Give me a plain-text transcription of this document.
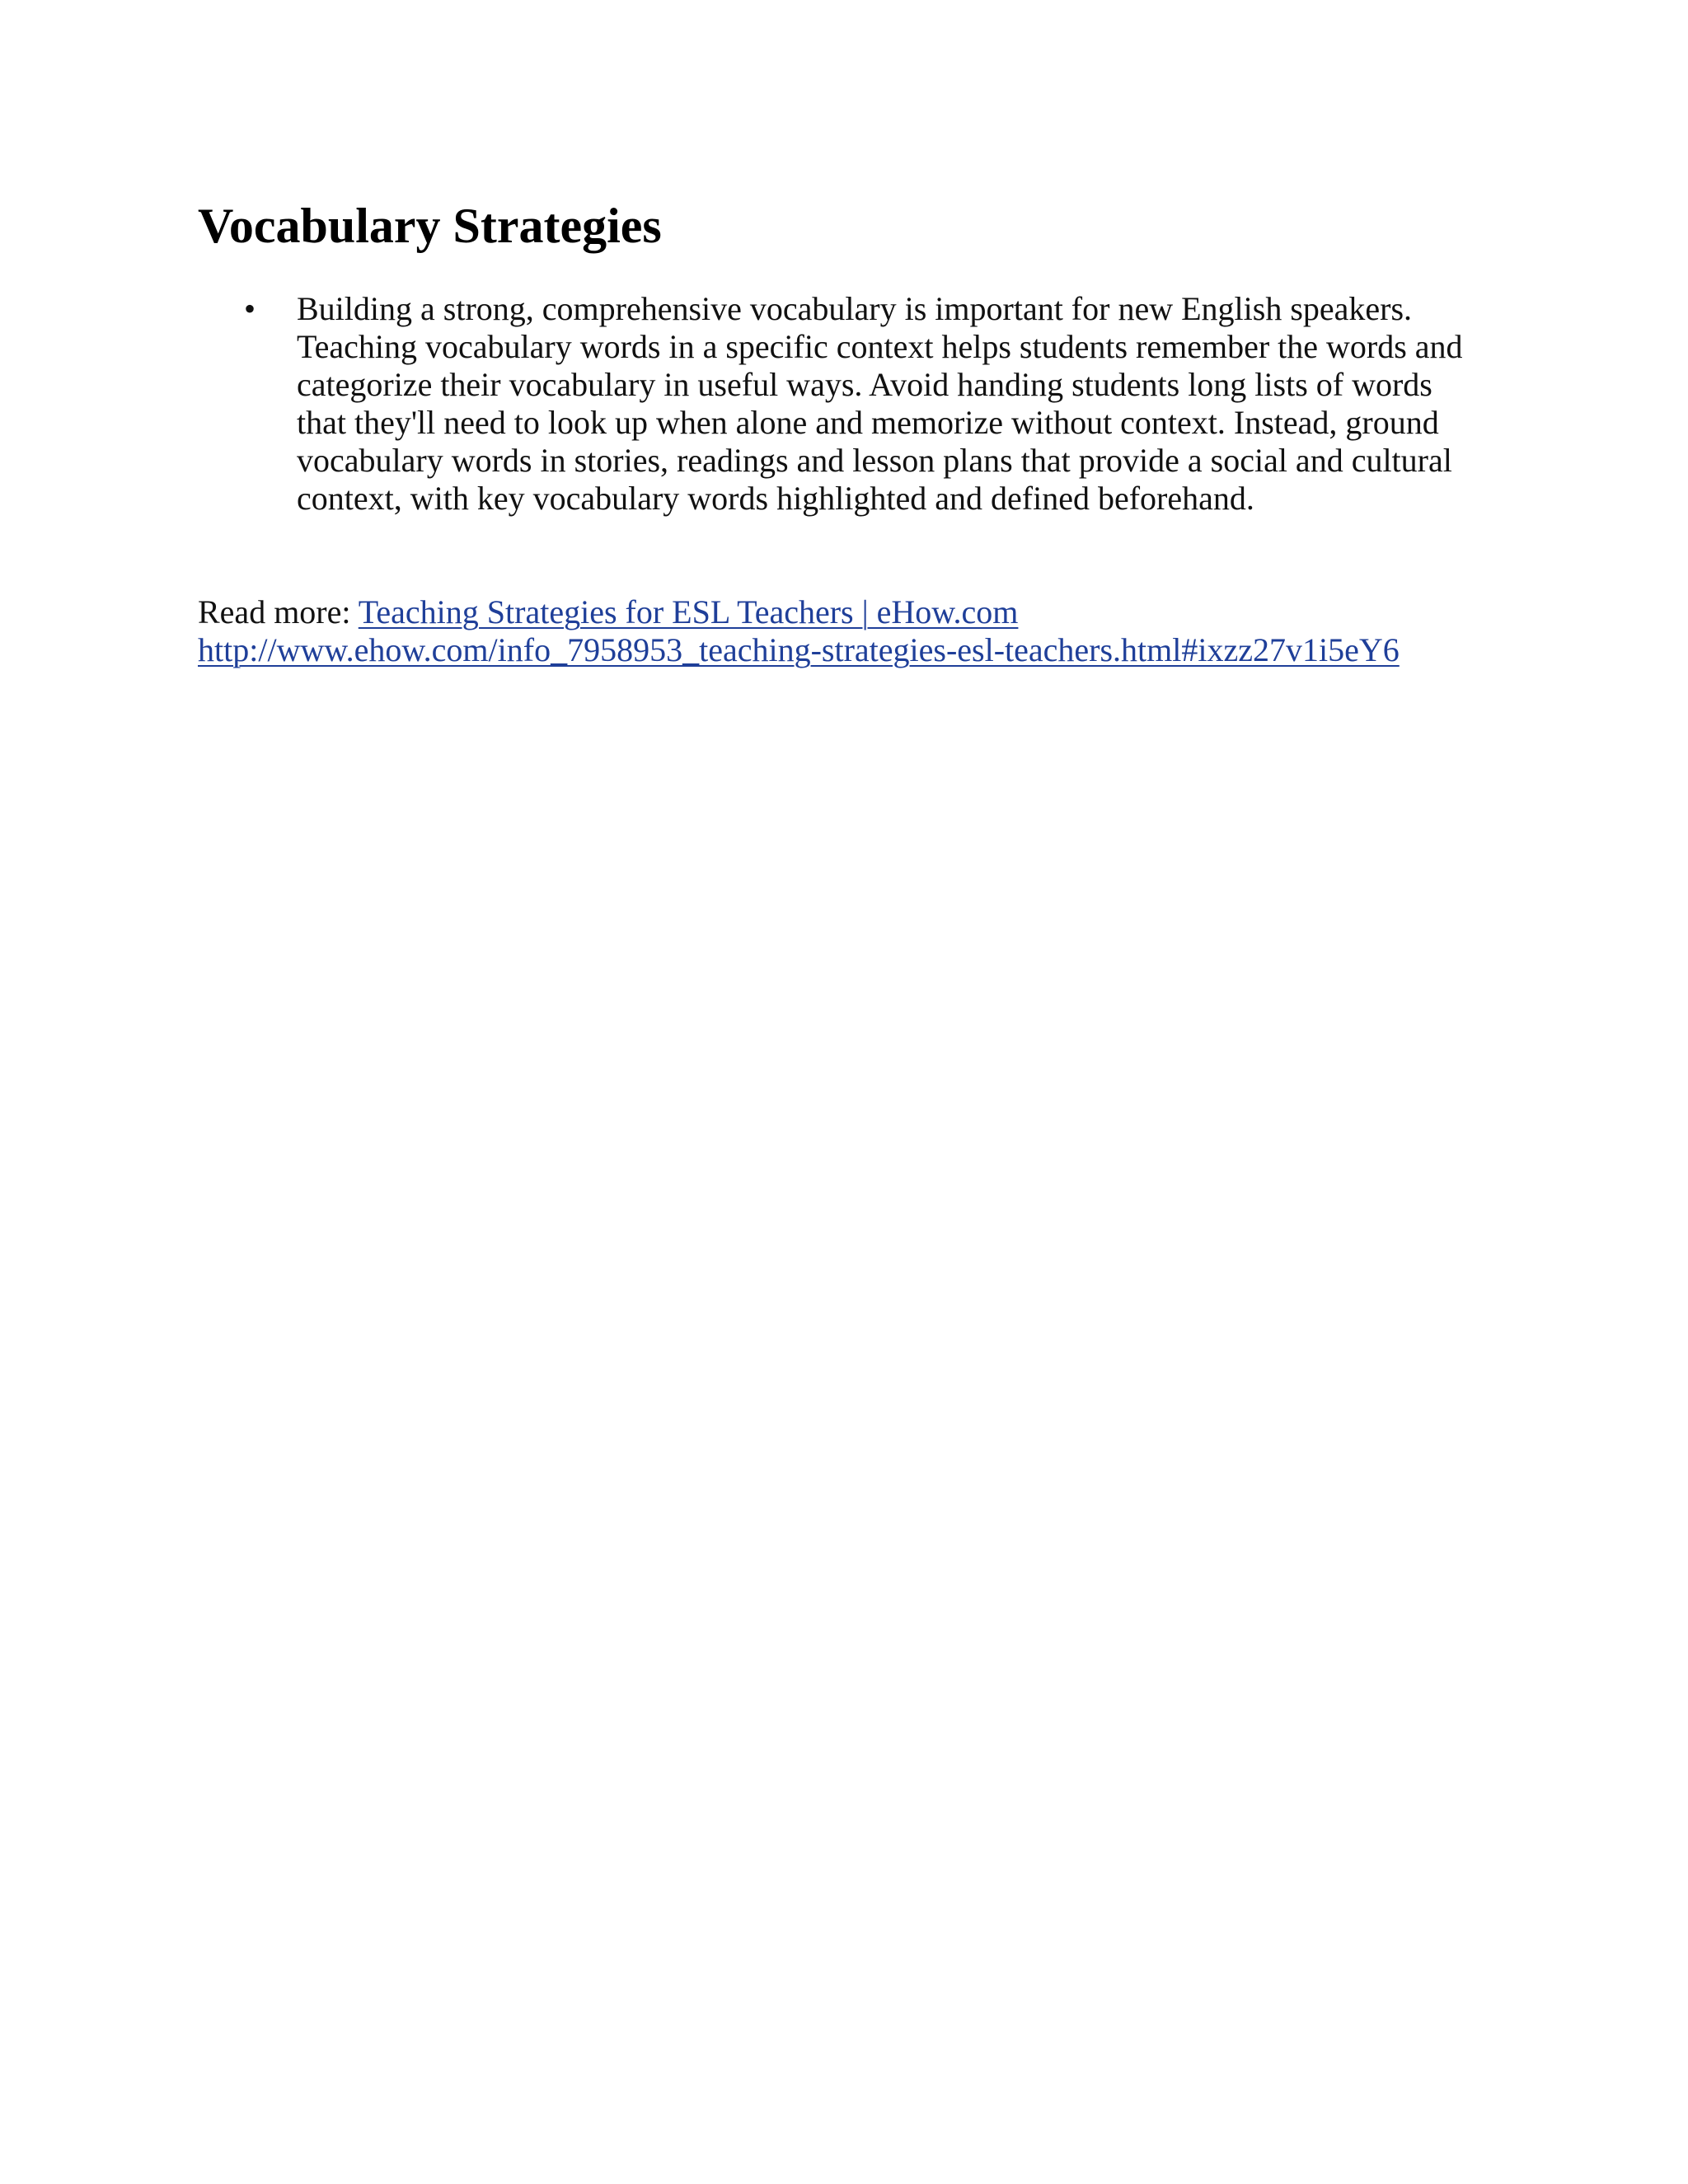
Vocabulary Strategies
• Building a strong, comprehensive vocabulary is important for new English speakers.
Teaching vocabulary words in a specific context helps students remember the words and
categorize their vocabulary in useful ways. Avoid handing students long lists of words
that they'll need to look up when alone and memorize without context. Instead, ground
vocabulary words in stories, readings and lesson plans that provide a social and cultural
context, with key vocabulary words highlighted and defined beforehand.
Read more: Teaching Strategies for ESL Teachers | eHow.com
http://www.ehow.com/info_7958953_teaching-strategies-esl-teachers.html#ixzz27v1i5eY6
